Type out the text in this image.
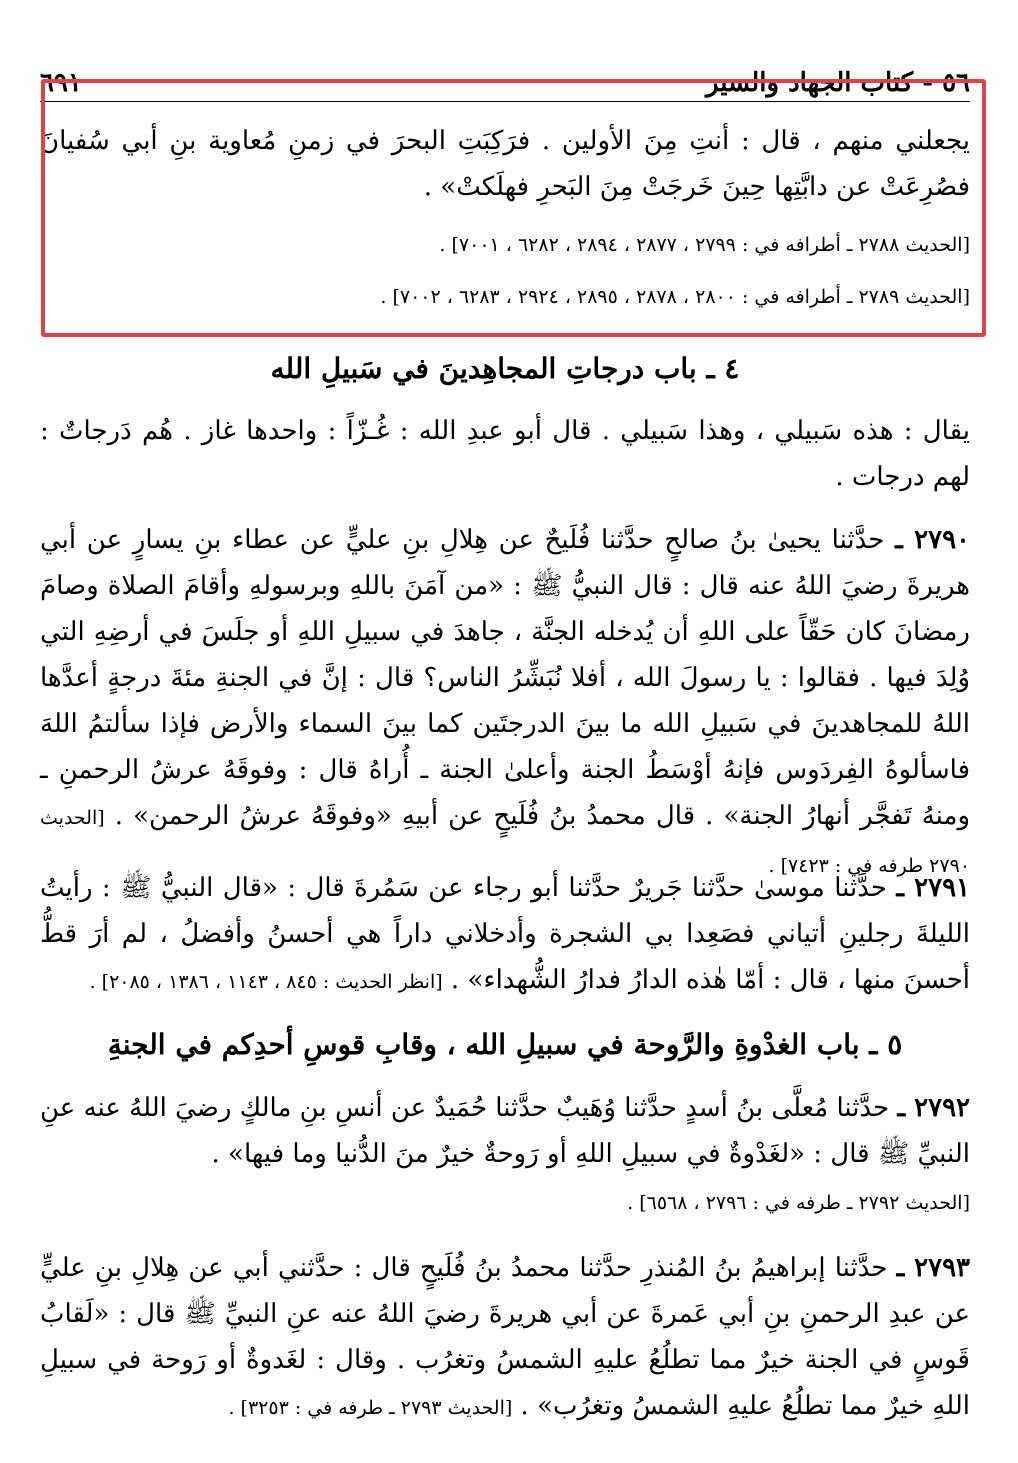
٥٦ - كتاب الجهاد والسير
٦٩١
يجعلني منهم ، قال : أنتِ مِنَ الأولين . فرَكِبَتِ البحرَ في زمنِ مُعاوية بنِ أبي سُفيانَ فصُرِعَتْ عن دابَّتِها حِينَ خَرجَتْ مِنَ البَحرِ فهلَكتْ» .
[الحديث ٢٧٨٨ ـ أطرافه في : ٢٧٩٩ ، ٢٨٧٧ ، ٢٨٩٤ ، ٦٢٨٢ ، ٧٠٠١] .
[الحديث ٢٧٨٩ ـ أطرافه في : ٢٨٠٠ ، ٢٨٧٨ ، ٢٨٩٥ ، ٢٩٢٤ ، ٦٢٨٣ ، ٧٠٠٢] .
٤ ـ باب درجاتِ المجاهِدينَ في سَبيلِ الله
يقال : هذه سَبيلي ، وهذا سَبيلي . قال أبو عبدِ الله : غُـزّاً : واحدها غاز . هُم دَرجاتٌ : لهم درجات .
٢٧٩٠ ـ حدَّثنا يحيىٰ بنُ صالحٍ حدَّثنا فُلَيحٌ عن هِلالِ بنِ عليٍّ عن عطاء بنِ يسارٍ عن أبي هريرةَ رضيَ اللهُ عنه قال : قال النبيُّ ﷺ : «من آمَنَ باللهِ وبرسولهِ وأقامَ الصلاة وصامَ رمضانَ كان حَقّاً على اللهِ أن يُدخله الجنَّة ، جاهدَ في سبيلِ اللهِ أو جلَسَ في أرضِهِ التي وُلِدَ فيها . فقالوا : يا رسولَ الله ، أفلا نُبَشِّرُ الناس؟ قال : إنَّ في الجنةِ مئةَ درجةٍ أعدَّها اللهُ للمجاهدينَ في سَبيلِ الله ما بينَ الدرجتَين كما بينَ السماء والأرض فإذا سألتمُ اللهَ فاسألوهُ الفِردَوس فإنهُ أوْسَطُ الجنة وأعلىٰ الجنة ـ أُراهُ قال : وفوقَهُ عرشُ الرحمنِ ـ ومنهُ تَفجَّر أنهارُ الجنة» . قال محمدُ بنُ فُلَيحٍ عن أبيهِ «وفوقَهُ عرشُ الرحمن» . [الحديث ٢٧٩٠ طرفه في : ٧٤٢٣] .
٢٧٩١ ـ حدَّثنا موسىٰ حدَّثنا جَريرٌ حدَّثنا أبو رجاء عن سَمُرةَ قال : «قال النبيُّ ﷺ : رأيتُ الليلةَ رجلينِ أتياني فصَعِدا بي الشجرة وأدخلاني داراً هي أحسنُ وأفضلُ ، لم أرَ قطُّ أحسنَ منها ، قال : أمّا هٰذه الدارُ فدارُ الشُّهداء» . [انظر الحديث : ٨٤٥ ، ١١٤٣ ، ١٣٨٦ ، ٢٠٨٥] .
٥ ـ باب الغدْوةِ والرَّوحة في سبيلِ الله ، وقابِ قوسِ أحدِكم في الجنةِ
٢٧٩٢ ـ حدَّثنا مُعلَّى بنُ أسدٍ حدَّثنا وُهَيبٌ حدَّثنا حُمَيدٌ عن أنسِ بنِ مالكٍ رضيَ اللهُ عنه عنِ النبيِّ ﷺ قال : «لغَدْوةٌ في سبيلِ اللهِ أو رَوحةٌ خيرٌ منَ الدُّنيا وما فيها» .
[الحديث ٢٧٩٢ ـ طرفه في : ٢٧٩٦ ، ٦٥٦٨] .
٢٧٩٣ ـ حدَّثنا إبراهيمُ بنُ المُنذرِ حدَّثنا محمدُ بنُ فُلَيحٍ قال : حدَّثني أبي عن هِلالِ بنِ عليٍّ عن عبدِ الرحمنِ بنِ أبي عَمرةَ عن أبي هريرةَ رضيَ اللهُ عنه عنِ النبيِّ ﷺ قال : «لَقابُ قَوسٍ في الجنة خيرٌ مما تطلُعُ عليهِ الشمسُ وتغرُب . وقال : لغَدوةٌ أو رَوحة في سبيلِ اللهِ خيرٌ مما تطلُعُ عليهِ الشمسُ وتغرُب» . [الحديث ٢٧٩٣ ـ طرفه في : ٣٢٥٣] .
